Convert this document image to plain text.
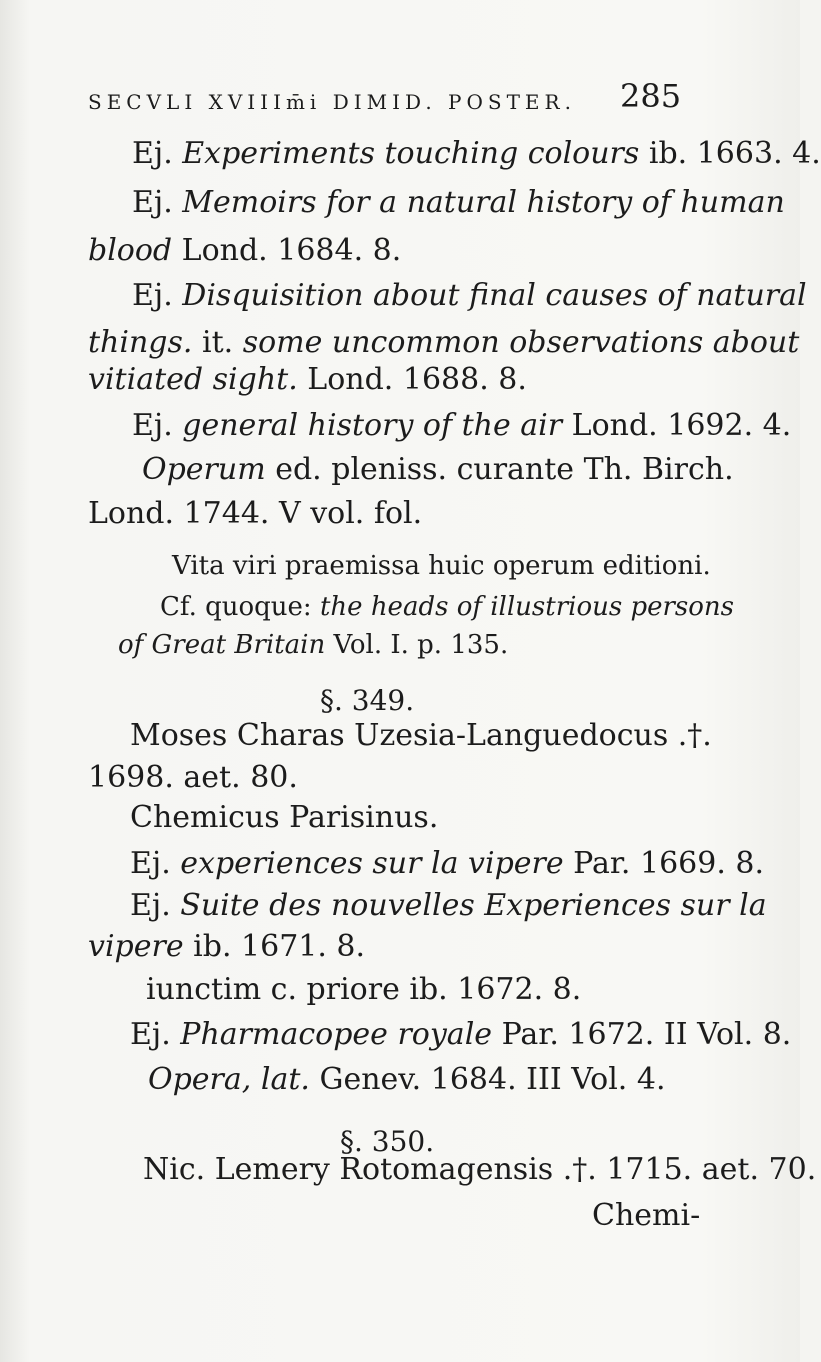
SECVLI XVIIIm̄i DIMID. POSTER. 285
Ej. Experiments touching colours ib. 1663. 4.
Ej. Memoirs for a natural history of human
blood Lond. 1684. 8.
Ej. Disquisition about final causes of natural
things. it. some uncommon observations about
vitiated sight. Lond. 1688. 8.
Ej. general history of the air Lond. 1692. 4.
Operum ed. pleniss. curante Th. Birch.
Lond. 1744. V vol. fol.
Vita viri praemissa huic operum editioni.
Cf. quoque: the heads of illustrious persons
of Great Britain Vol. I. p. 135.
§. 349.
Moses Charas Uzesia-Languedocus .†.
1698. aet. 80.
Chemicus Parisinus.
Ej. experiences sur la vipere Par. 1669. 8.
Ej. Suite des nouvelles Experiences sur la
vipere ib. 1671. 8.
iunctim c. priore ib. 1672. 8.
Ej. Pharmacopee royale Par. 1672. II Vol. 8.
Opera, lat. Genev. 1684. III Vol. 4.
§. 350.
Nic. Lemery Rotomagensis .†. 1715. aet. 70.
Chemi-
